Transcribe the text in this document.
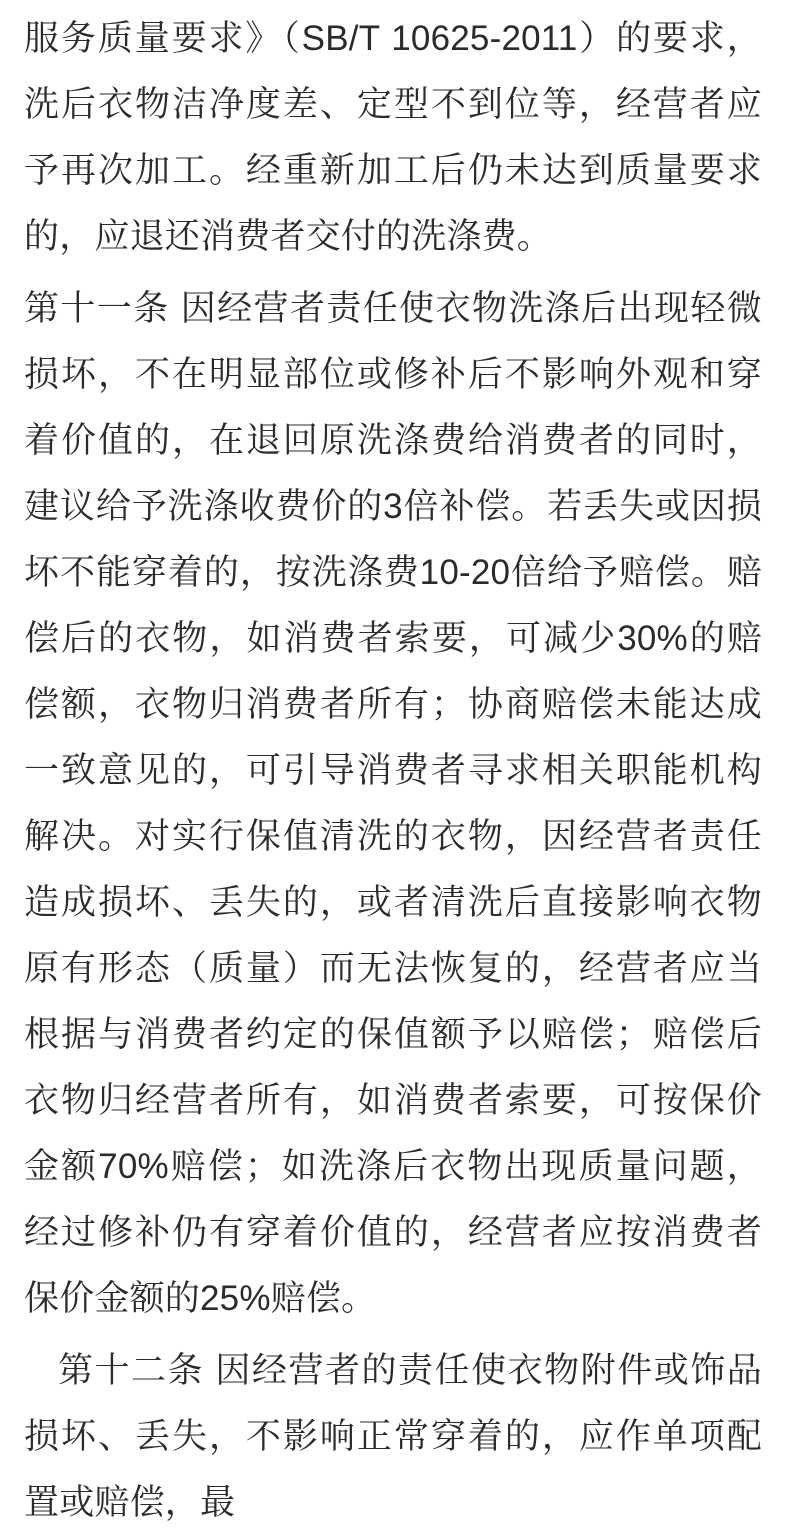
服务质量要求》（SB/T 10625-2011）的要求，洗后衣物洁净度差、定型不到位等，经营者应予再次加工。经重新加工后仍未达到质量要求的，应退还消费者交付的洗涤费。

第十一条 因经营者责任使衣物洗涤后出现轻微损坏，不在明显部位或修补后不影响外观和穿着价值的，在退回原洗涤费给消费者的同时，建议给予洗涤收费价的3倍补偿。若丢失或因损坏不能穿着的，按洗涤费10-20倍给予赔偿。赔偿后的衣物，如消费者索要，可减少30%的赔偿额，衣物归消费者所有；协商赔偿未能达成一致意见的，可引导消费者寻求相关职能机构解决。对实行保值清洗的衣物，因经营者责任造成损坏、丢失的，或者清洗后直接影响衣物原有形态（质量）而无法恢复的，经营者应当根据与消费者约定的保值额予以赔偿；赔偿后衣物归经营者所有，如消费者索要，可按保价金额70%赔偿；如洗涤后衣物出现质量问题，经过修补仍有穿着价值的，经营者应按消费者保价金额的25%赔偿。

第十二条 因经营者的责任使衣物附件或饰品损坏、丢失，不影响正常穿着的，应作单项配置或赔偿，最
